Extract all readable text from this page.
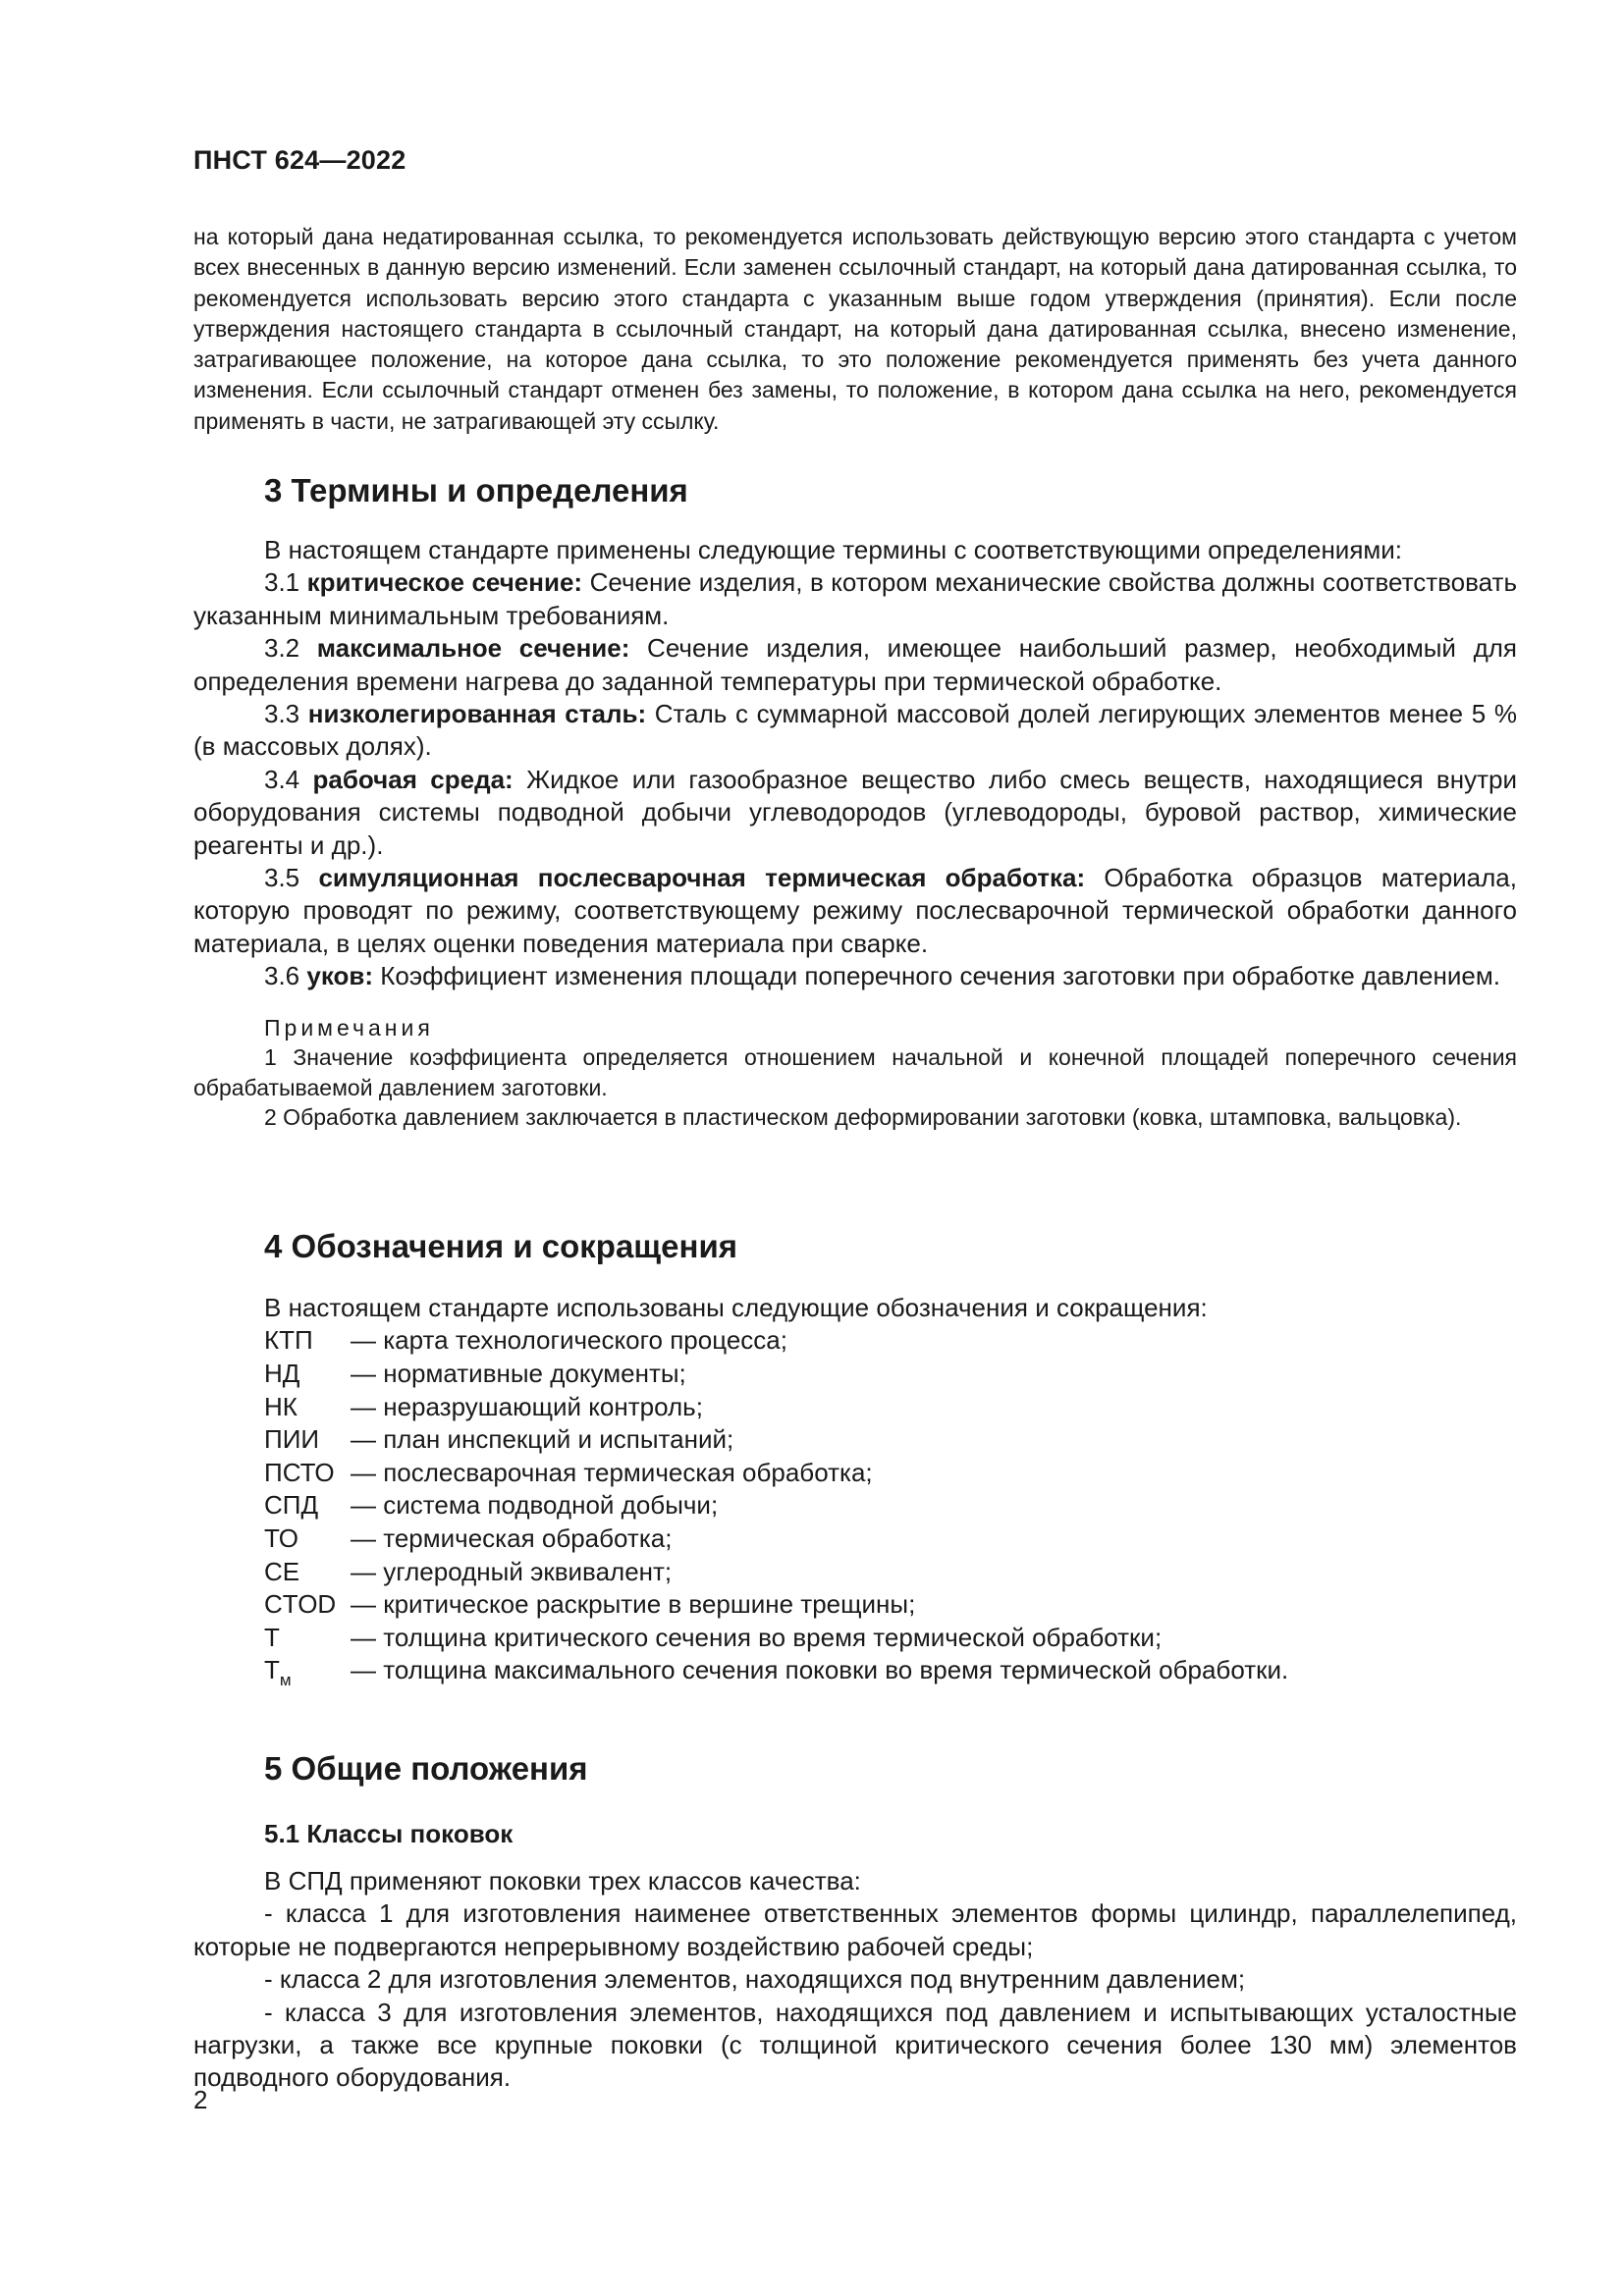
ПНСТ 624—2022
на который дана недатированная ссылка, то рекомендуется использовать действующую версию этого стандарта с учетом всех внесенных в данную версию изменений. Если заменен ссылочный стандарт, на который дана датированная ссылка, то рекомендуется использовать версию этого стандарта с указанным выше годом утверждения (принятия). Если после утверждения настоящего стандарта в ссылочный стандарт, на который дана датированная ссылка, внесено изменение, затрагивающее положение, на которое дана ссылка, то это положение рекомендуется применять без учета данного изменения. Если ссылочный стандарт отменен без замены, то положение, в котором дана ссылка на него, рекомендуется применять в части, не затрагивающей эту ссылку.
3 Термины и определения

В настоящем стандарте применены следующие термины с соответствующими определениями:

3.1 критическое сечение: Сечение изделия, в котором механические свойства должны соответствовать указанным минимальным требованиям.

3.2 максимальное сечение: Сечение изделия, имеющее наибольший размер, необходимый для определения времени нагрева до заданной температуры при термической обработке.

3.3 низколегированная сталь: Сталь с суммарной массовой долей легирующих элементов менее 5 % (в массовых долях).

3.4 рабочая среда: Жидкое или газообразное вещество либо смесь веществ, находящиеся внутри оборудования системы подводной добычи углеводородов (углеводороды, буровой раствор, химические реагенты и др.).

3.5 симуляционная послесварочная термическая обработка: Обработка образцов материала, которую проводят по режиму, соответствующему режиму послесварочной термической обработки данного материала, в целях оценки поведения материала при сварке.

3.6 уков: Коэффициент изменения площади поперечного сечения заготовки при обработке давлением.

Примечания

1 Значение коэффициента определяется отношением начальной и конечной площадей поперечного сечения обрабатываемой давлением заготовки.

2 Обработка давлением заключается в пластическом деформировании заготовки (ковка, штамповка, вальцовка).

4 Обозначения и сокращения

В настоящем стандарте использованы следующие обозначения и сокращения:

КТП	— карта технологического процесса;
НД	— нормативные документы;
НК	— неразрушающий контроль;
ПИИ	— план инспекций и испытаний;
ПСТО — послесварочная термическая обработка;
СПД	— система подводной добычи;
ТО	— термическая обработка;
CE	— углеродный эквивалент;
CTOD — критическое раскрытие в вершине трещины;
T	— толщина критического сечения во время термической обработки;
$T_м$	— толщина максимального сечения поковки во время термической обработки.
5 Общие положения
5.1 Классы поковок

В СПД применяют поковки трех классов качества:

- класса 1 для изготовления наименее ответственных элементов формы цилиндр, параллелепипед, которые не подвергаются непрерывному воздействию рабочей среды;

- класса 2 для изготовления элементов, находящихся под внутренним давлением;

- класса 3 для изготовления элементов, находящихся под давлением и испытывающих усталостные нагрузки, а также все крупные поковки (с толщиной критического сечения более 130 мм) элементов подводного оборудования.

2
